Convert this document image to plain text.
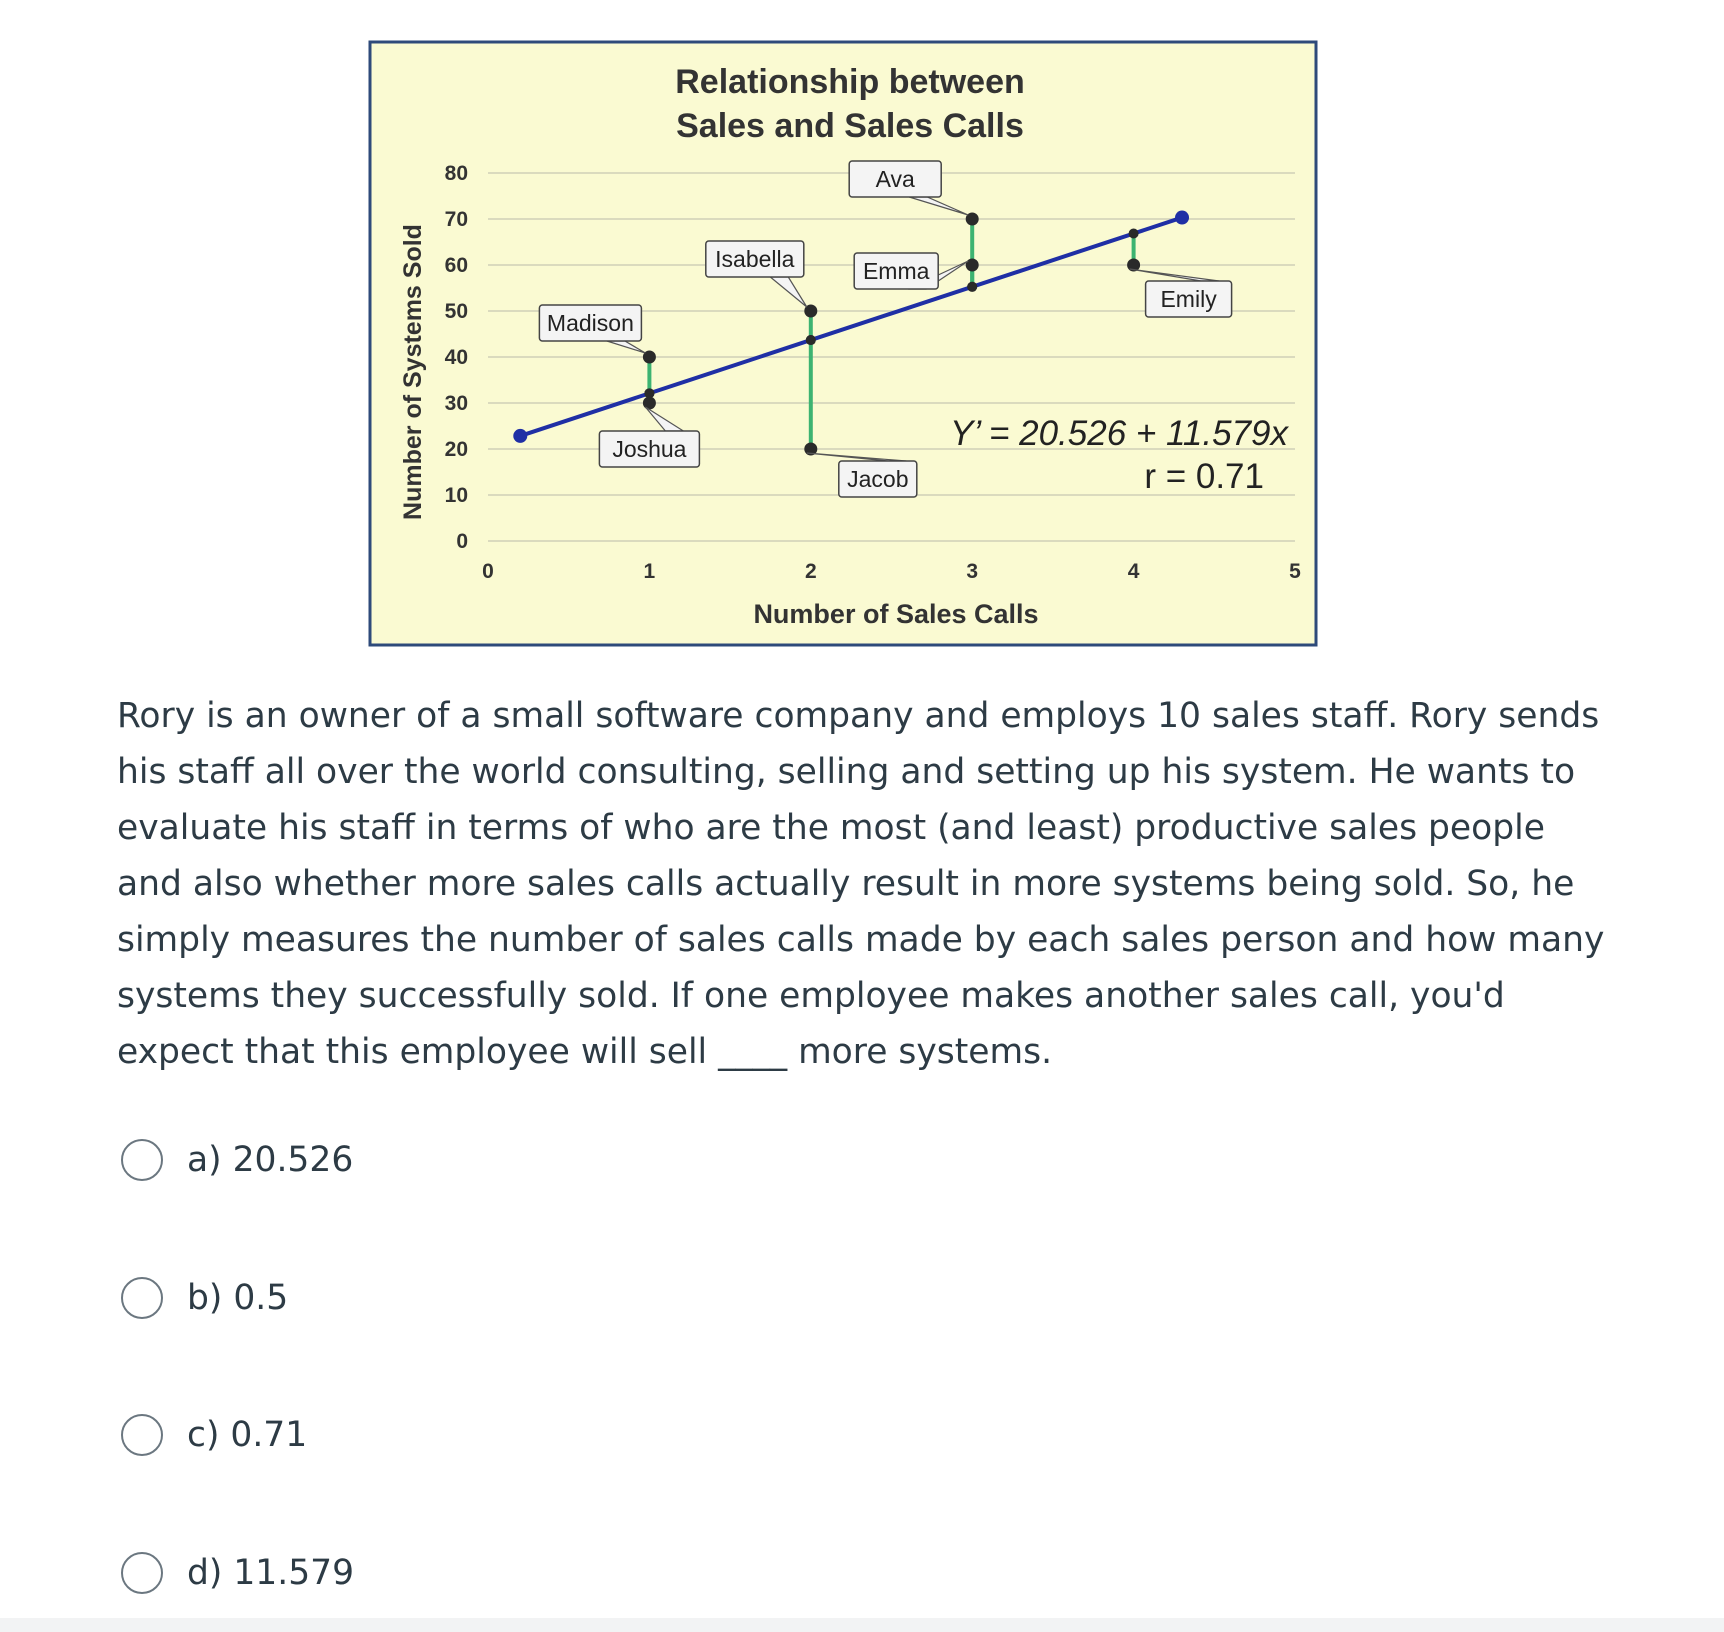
Relationship between
Sales and Sales Calls
0
10
20
30
40
50
60
70
80
0	1	2	3	4	5
Number of Sales Calls
Number of Systems Sold	Madison
Joshua
Isabella
Jacob
Ava
Emma
Emily
Y’ = 20.526 + 11.579x
r = 0.71

Rory is an owner of a small software company and employs 10 sales staff. Rory sends his staff all over the world consulting, selling and setting up his system. He wants to evaluate his staff in terms of who are the most (and least) productive sales people and also whether more sales calls actually result in more systems being sold. So, he simply measures the number of sales calls made by each sales person and how many systems they successfully sold. If one employee makes another sales call, you'd expect that this employee will sell ____ more systems.

a) 20.526
b) 0.5
c) 0.71
d) 11.579
